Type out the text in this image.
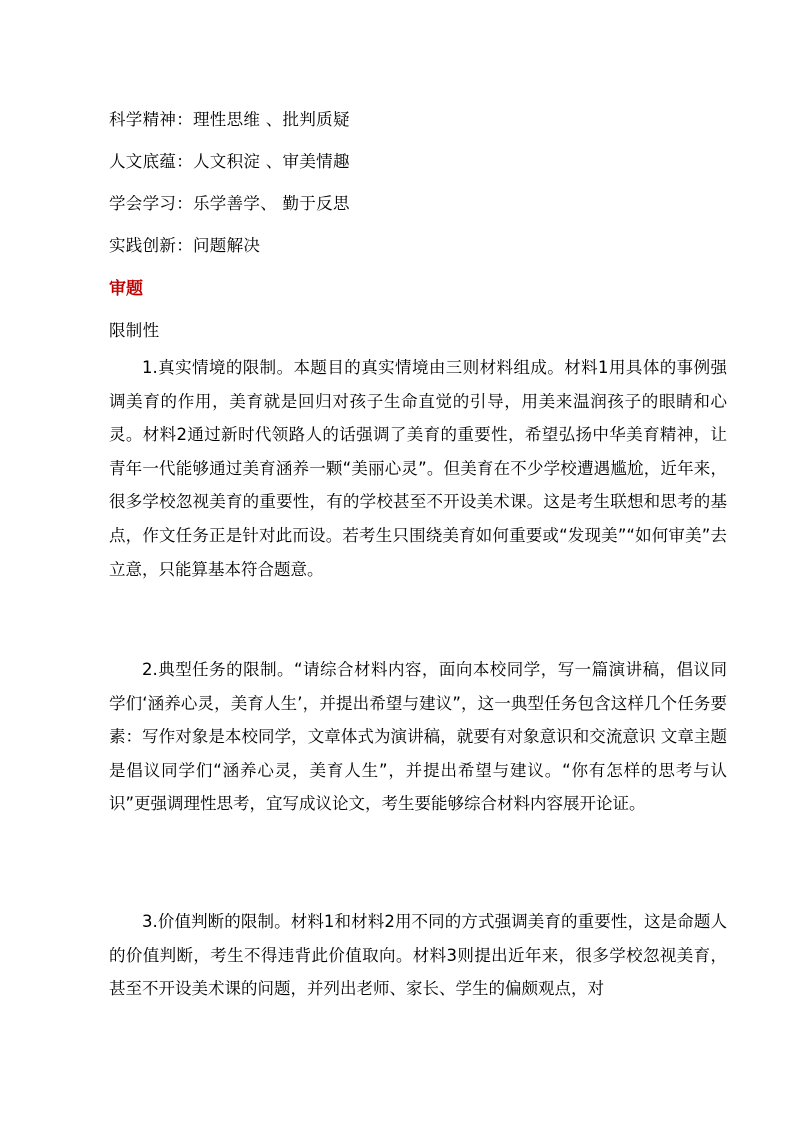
科学精神：理性思维 、批判质疑
人文底蕴：人文积淀 、审美情趣
学会学习：乐学善学、 勤于反思
实践创新：问题解决
审题
限制性

1.真实情境的限制。本题目的真实情境由三则材料组成。材料1用具体的事例强调美育的作用，美育就是回归对孩子生命直觉的引导，用美来温润孩子的眼睛和心灵。材料2通过新时代领路人的话强调了美育的重要性，希望弘扬中华美育精神，让青年一代能够通过美育涵养一颗“美丽心灵”。但美育在不少学校遭遇尴尬，近年来，很多学校忽视美育的重要性，有的学校甚至不开设美术课。这是考生联想和思考的基点，作文任务正是针对此而设。若考生只围绕美育如何重要或“发现美”“如何审美”去立意，只能算基本符合题意。

2.典型任务的限制。“请综合材料内容，面向本校同学，写一篇演讲稿，倡议同学们‘涵养心灵，美育人生’，并提出希望与建议”，这一典型任务包含这样几个任务要素：写作对象是本校同学，文章体式为演讲稿，就要有对象意识和交流意识 文章主题是倡议同学们“涵养心灵，美育人生”，并提出希望与建议。“你有怎样的思考与认识”更强调理性思考，宜写成议论文，考生要能够综合材料内容展开论证。

3.价值判断的限制。材料1和材料2用不同的方式强调美育的重要性，这是命题人的价值判断，考生不得违背此价值取向。材料3则提出近年来，很多学校忽视美育，甚至不开设美术课的问题，并列出老师、家长、学生的偏颇观点，对
